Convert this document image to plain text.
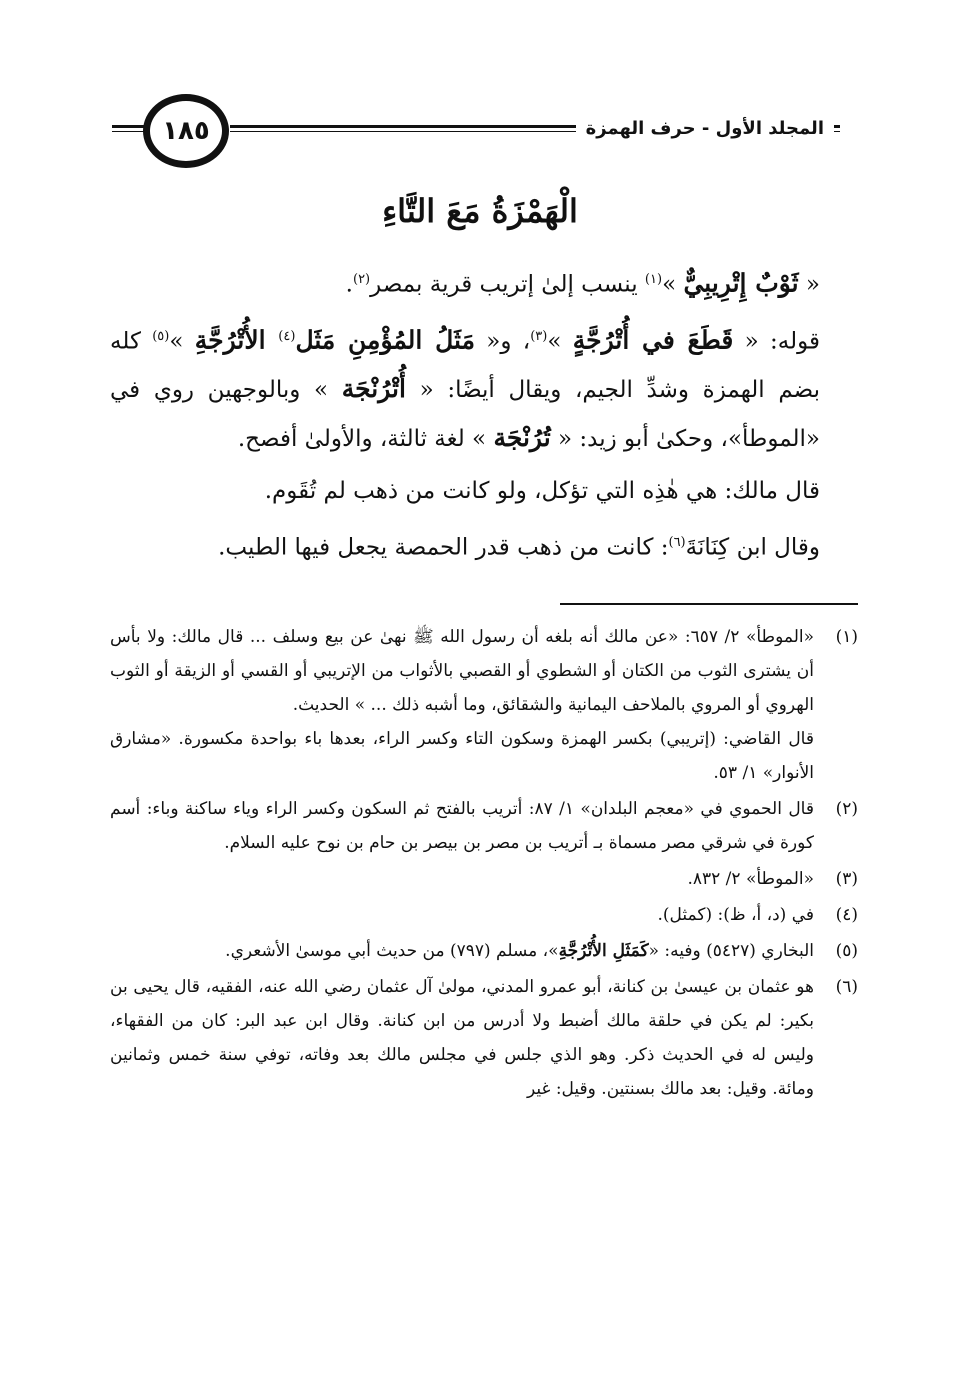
المجلد الأول - حرف الهمزة
١٨٥
الْهَمْزَةُ مَعَ التَّاءِ

« ثَوْبٌ إِتْرِيبِيٌّ »$^{(١)}$ ينسب إلىٰ إتريب قرية بمصر$^{(٢)}$.

قوله: « قَطَعَ في أُتْرُجَّةٍ »$^{(٣)}$، و« مَثَلُ المُؤْمِنِ مَثَل$^{(٤)}$ الأُتْرُجَّةِ »$^{(٥)}$ كله بضم الهمزة وشدِّ الجيم، ويقال أيضًا: « أُتْرُنْجَة » وبالوجهين روي في «الموطأ»، وحكىٰ أبو زيد: « تُرُنْجَة » لغة ثالثة، والأولىٰ أفصح.

قال مالك: هي هٰذِه التي تؤكل، ولو كانت من ذهب لم تُقَوم.

وقال ابن كِنَانَةَ$^{(٦)}$: كانت من ذهب قدر الحمصة يجعل فيها الطيب.

(١)

«الموطأ» ٢/ ٦٥٧: «عن مالك أنه بلغه أن رسول الله ﷺ نهىٰ عن بيع وسلف ... قال مالك: ولا بأس أن يشترى الثوب من الكتان أو الشطوي أو القصبي بالأثواب من الإتريبي أو القسي أو الزيقة أو الثوب الهروي أو المروي بالملاحف اليمانية والشقائق، وما أشبه ذلك ... » الحديث.

قال القاضي: (إتريبي) بكسر الهمزة وسكون التاء وكسر الراء، بعدها باء بواحدة مكسورة. «مشارق الأنوار» ١/ ٥٣.

(٢)

قال الحموي في «معجم البلدان» ١/ ٨٧: أتريب بالفتح ثم السكون وكسر الراء وياء ساكنة وباء: أسم كورة في شرقي مصر مسماة بـ أتريب بن مصر بن بيصر بن حام بن نوح عليه السلام.

(٣)

«الموطأ» ٢/ ٨٣٢.

(٤)

في (د، أ، ظ): (كمثل).

(٥)

البخاري (٥٤٢٧) وفيه: «كَمَثَلِ الأُتْرُجَّةِ»، مسلم (٧٩٧) من حديث أبي موسىٰ الأشعري.

(٦)

هو عثمان بن عيسىٰ بن كنانة، أبو عمرو المدني، مولىٰ آل عثمان رضي الله عنه، الفقيه، قال يحيى بن بكير: لم يكن في حلقة مالك أضبط ولا أدرس من ابن كنانة. وقال ابن عبد البر: كان من الفقهاء، وليس له في الحديث ذكر. وهو الذي جلس في مجلس مالك بعد وفاته، توفي سنة خمس وثمانين ومائة. وقيل: بعد مالك بسنتين. وقيل: غير
